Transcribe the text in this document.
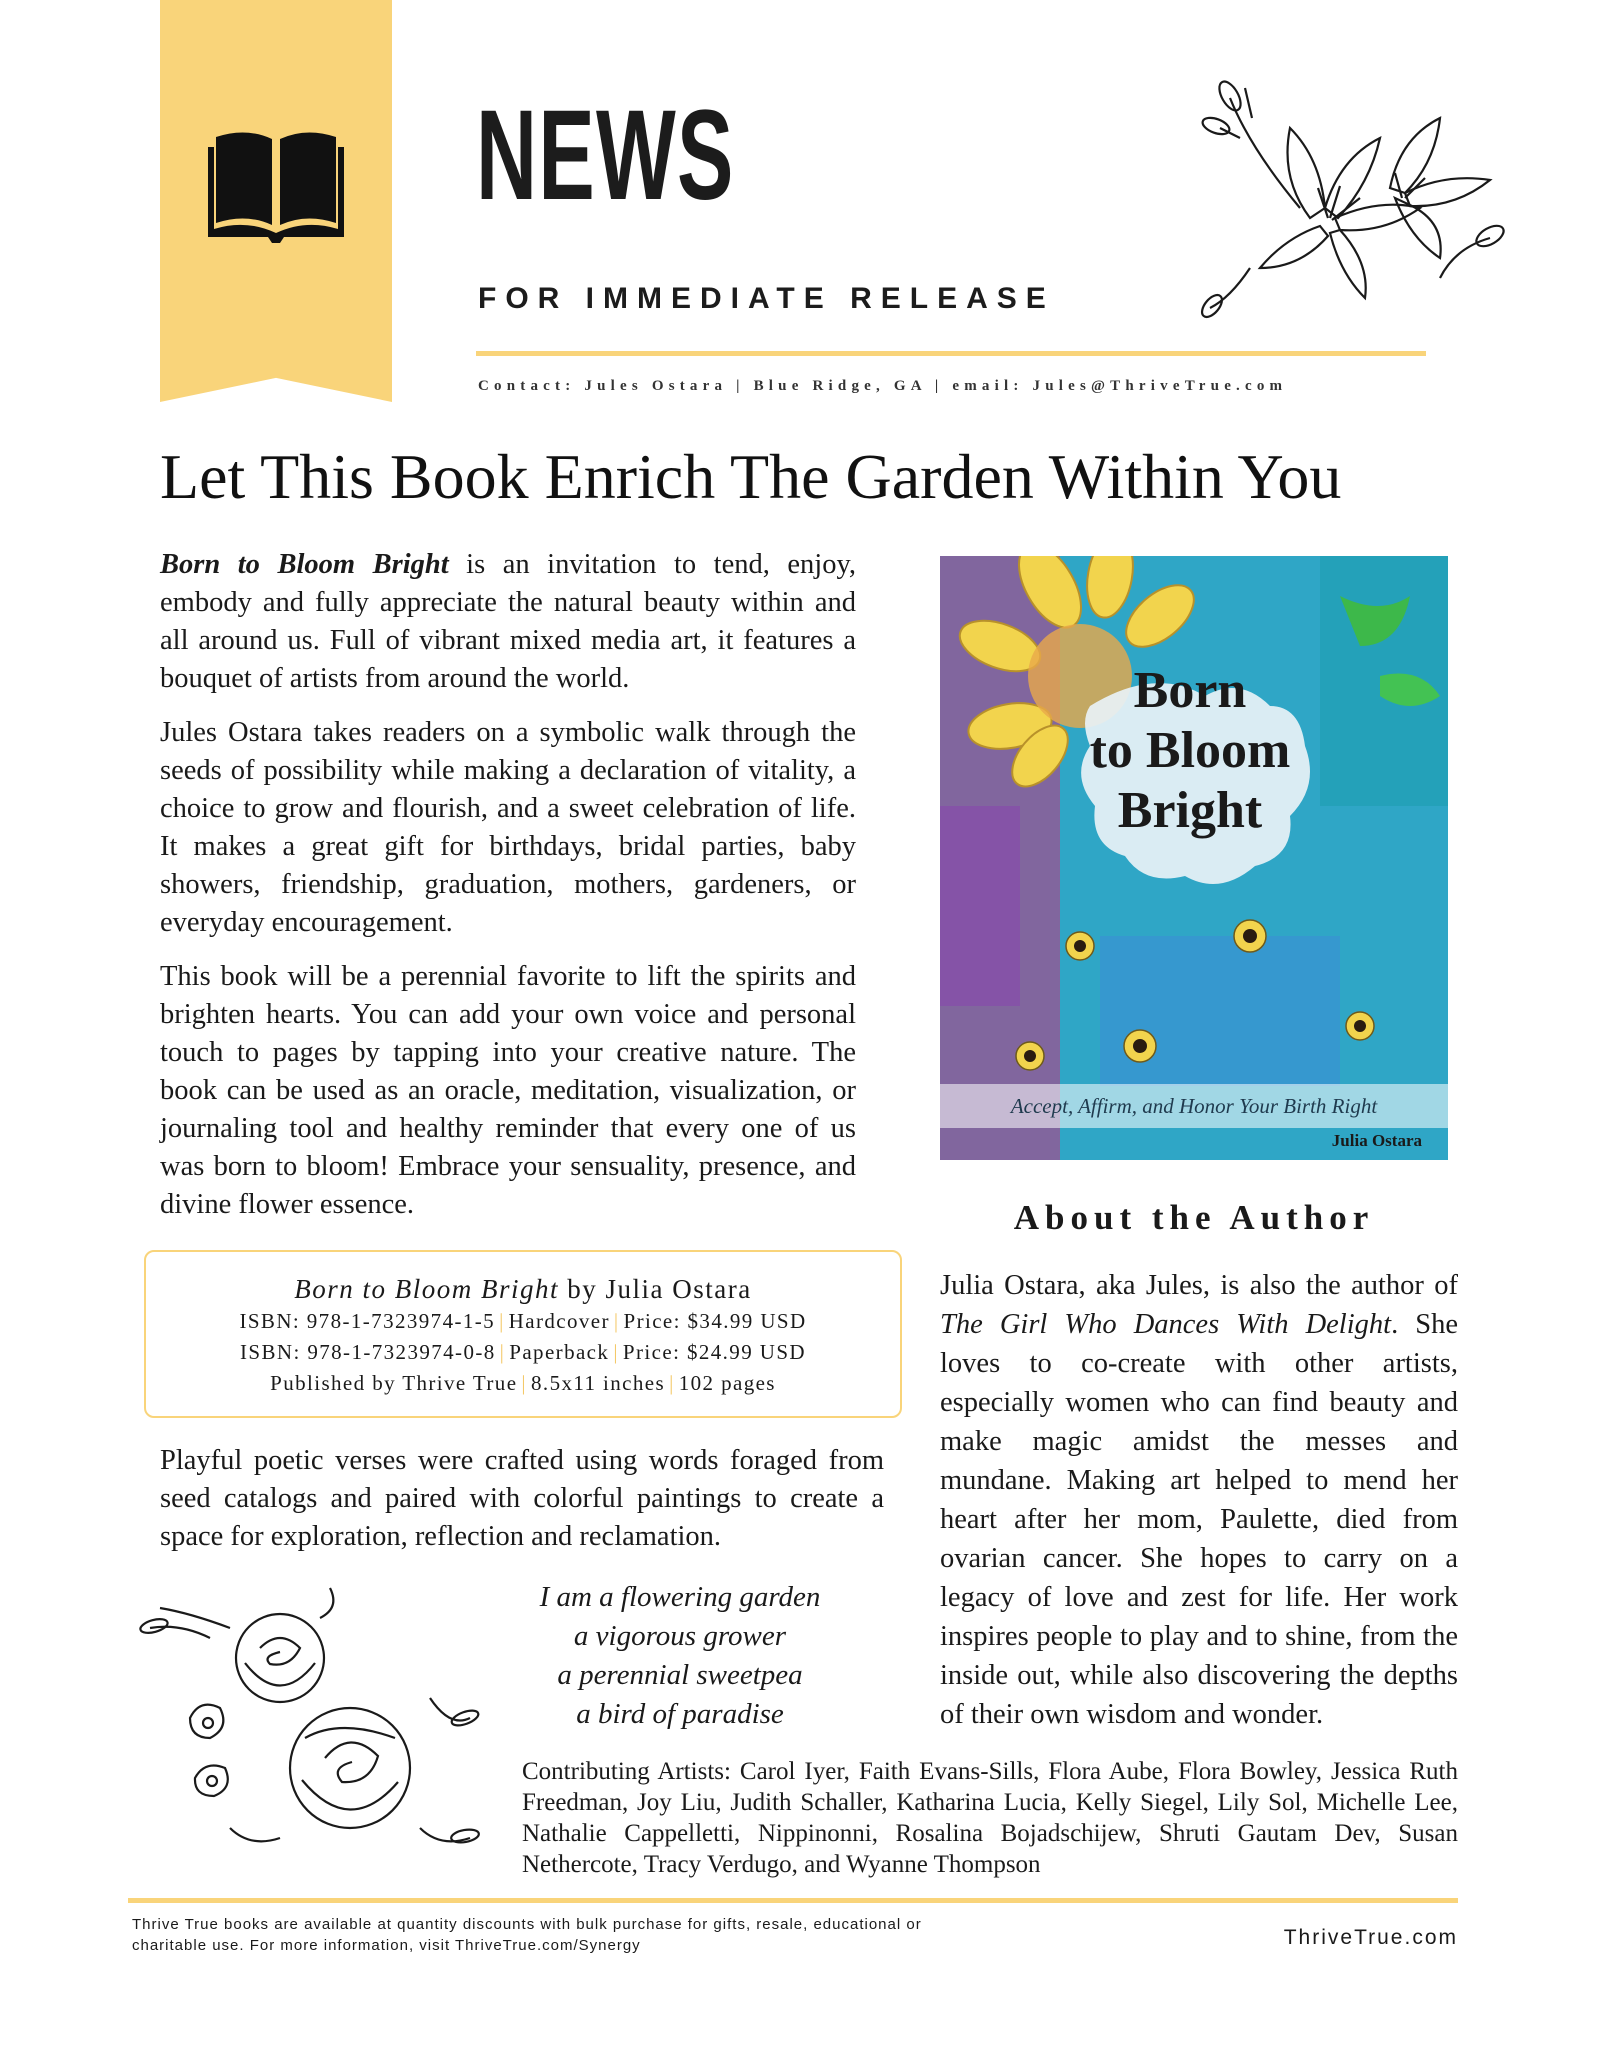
NEWS
FOR IMMEDIATE RELEASE
Contact: Jules Ostara | Blue Ridge, GA | email: Jules@ThriveTrue.com
Let This Book Enrich The Garden Within You

Born to Bloom Bright is an invitation to tend, enjoy, embody and fully appreciate the natural beauty within and all around us. Full of vibrant mixed media art, it features a bouquet of artists from around the world.

Jules Ostara takes readers on a symbolic walk through the seeds of possibility while making a declaration of vitality, a choice to grow and flourish, and a sweet celebration of life. It makes a great gift for birthdays, bridal parties, baby showers, friendship, graduation, mothers, gardeners, or everyday encouragement.

This book will be a perennial favorite to lift the spirits and brighten hearts. You can add your own voice and personal touch to pages by tapping into your creative nature. The book can be used as an oracle, meditation, visualization, or journaling tool and healthy reminder that every one of us was born to bloom! Embrace your sensuality, presence, and divine flower essence.

Born to Bloom Bright by Julia Ostara
ISBN: 978-1-7323974-1-5 | Hardcover | Price: $34.99 USD
ISBN: 978-1-7323974-0-8 | Paperback | Price: $24.99 USD
Published by Thrive True | 8.5x11 inches | 102 pages

Playful poetic verses were crafted using words foraged from seed catalogs and paired with colorful paintings to create a space for exploration, reflection and reclamation.

I am a flowering garden
a vigorous grower
a perennial sweetpea
a bird of paradise
Born
to Bloom
Bright
Accept, Affirm, and Honor Your Birth Right
Julia Ostara
About the Author

Julia Ostara, aka Jules, is also the author of The Girl Who Dances With Delight. She loves to co-create with other artists, especially women who can find beauty and make magic amidst the messes and mundane. Making art helped to mend her heart after her mom, Paulette, died from ovarian cancer. She hopes to carry on a legacy of love and zest for life. Her work inspires people to play and to shine, from the inside out, while also discovering the depths of their own wisdom and wonder.

Contributing Artists: Carol Iyer, Faith Evans-Sills, Flora Aube, Flora Bowley, Jessica Ruth Freedman, Joy Liu, Judith Schaller, Katharina Lucia, Kelly Siegel, Lily Sol, Michelle Lee, Nathalie Cappelletti, Nippinonni, Rosalina Bojadschijew, Shruti Gautam Dev, Susan Nethercote, Tracy Verdugo, and Wyanne Thompson

Thrive True books are available at quantity discounts with bulk purchase for gifts, resale, educational or charitable use. For more information, visit ThriveTrue.com/Synergy	ThriveTrue.com
